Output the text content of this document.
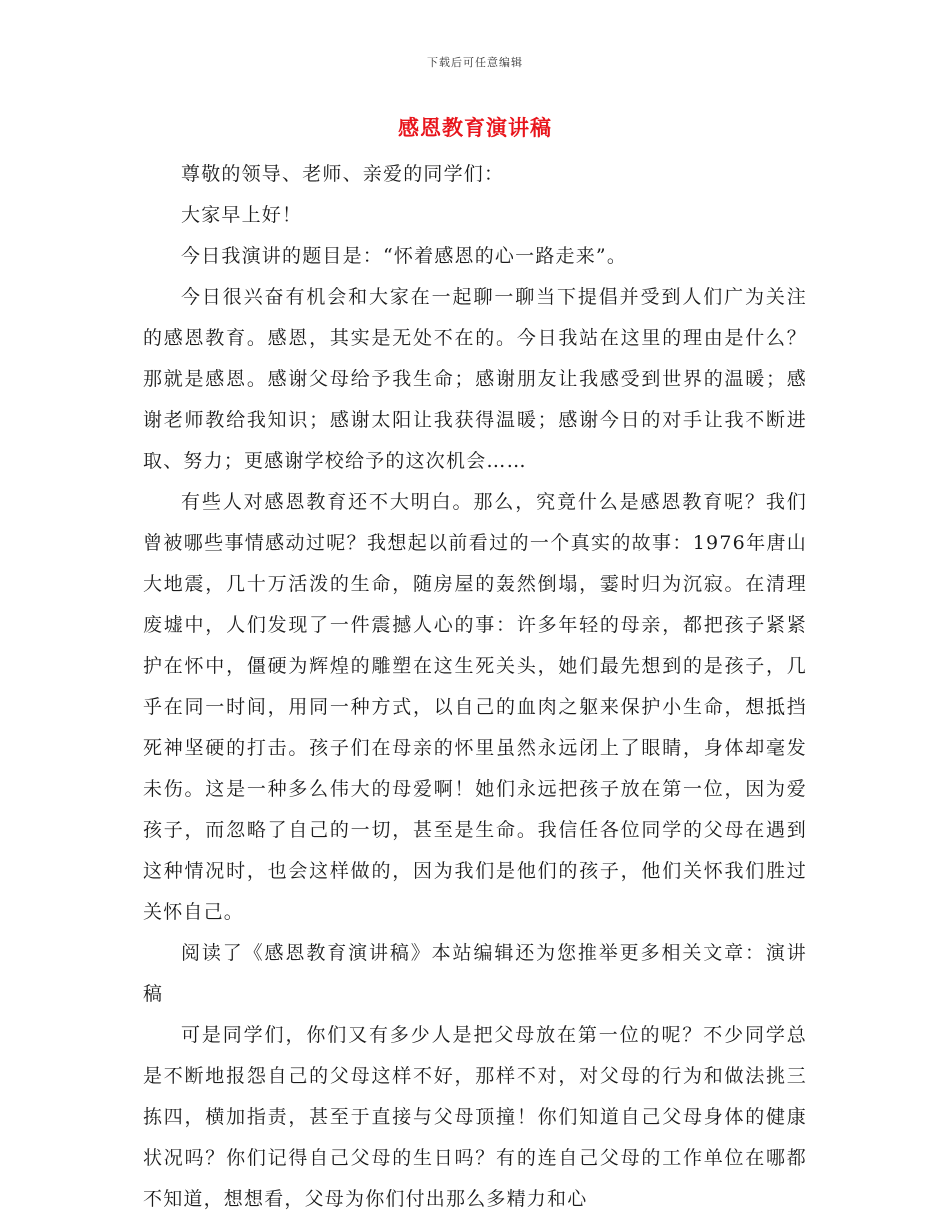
下载后可任意编辑
感恩教育演讲稿

尊敬的领导、老师、亲爱的同学们：

大家早上好！

今日我演讲的题目是：“怀着感恩的心一路走来”。

今日很兴奋有机会和大家在一起聊一聊当下提倡并受到人们广为关注的感恩教育。感恩，其实是无处不在的。今日我站在这里的理由是什么？那就是感恩。感谢父母给予我生命；感谢朋友让我感受到世界的温暖；感谢老师教给我知识；感谢太阳让我获得温暖；感谢今日的对手让我不断进取、努力；更感谢学校给予的这次机会……

有些人对感恩教育还不大明白。那么，究竟什么是感恩教育呢？我们曾被哪些事情感动过呢？我想起以前看过的一个真实的故事：1976年唐山大地震，几十万活泼的生命，随房屋的轰然倒塌，霎时归为沉寂。在清理废墟中，人们发现了一件震撼人心的事：许多年轻的母亲，都把孩子紧紧护在怀中，僵硬为辉煌的雕塑在这生死关头，她们最先想到的是孩子，几乎在同一时间，用同一种方式，以自己的血肉之躯来保护小生命，想抵挡死神坚硬的打击。孩子们在母亲的怀里虽然永远闭上了眼睛，身体却毫发未伤。这是一种多么伟大的母爱啊！她们永远把孩子放在第一位，因为爱孩子，而忽略了自己的一切，甚至是生命。我信任各位同学的父母在遇到这种情况时，也会这样做的，因为我们是他们的孩子，他们关怀我们胜过关怀自己。

阅读了《感恩教育演讲稿》本站编辑还为您推举更多相关文章：演讲稿

可是同学们，你们又有多少人是把父母放在第一位的呢？不少同学总是不断地报怨自己的父母这样不好，那样不对，对父母的行为和做法挑三拣四，横加指责，甚至于直接与父母顶撞！你们知道自己父母身体的健康状况吗？你们记得自己父母的生日吗？有的连自己父母的工作单位在哪都不知道，想想看，父母为你们付出那么多精力和心
